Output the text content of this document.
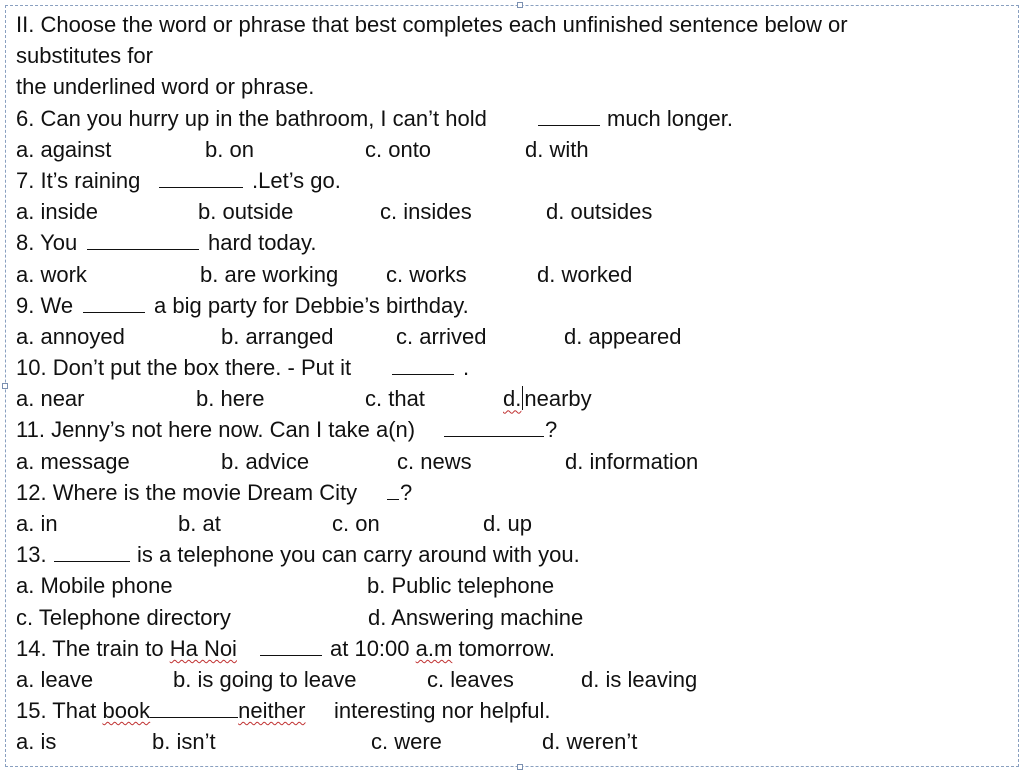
II. Choose the word or phrase that best completes each unfinished sentence below or
substitutes for
the underlined word or phrase.
6. Can you hurry up in the bathroom, I can’t hold	much longer.
a. against	b. on	c. onto	d. with
7. It’s raining	.Let’s go.
a. inside	b. outside	c. insides	d. outsides
8. You	hard today.
a. work	b. are working c. works	d. worked
9. We	a big party for Debbie’s birthday.
a. annoyed	b. arranged	c. arrived	d. appeared
10. Don’t put the box there. - Put it	.
a. near	b. here	c. that	d. nearby
11. Jenny’s not here now. Can I take a(n)	?
a. message	b. advice	c. news	d. information
12. Where is the movie Dream City ?
a. in	b. at	c. on	d. up
13.	is a telephone you can carry around with you.
a. Mobile phone	b. Public telephone
c. Telephone directory	d. Answering machine
14. The train to Ha Noi	at 10:00 a.m tomorrow.
a. leave	b. is going to leave	c. leaves	d. is leaving
15. That book	neither interesting nor helpful.
a. is	b. isn’t	c. were	d. weren’t
